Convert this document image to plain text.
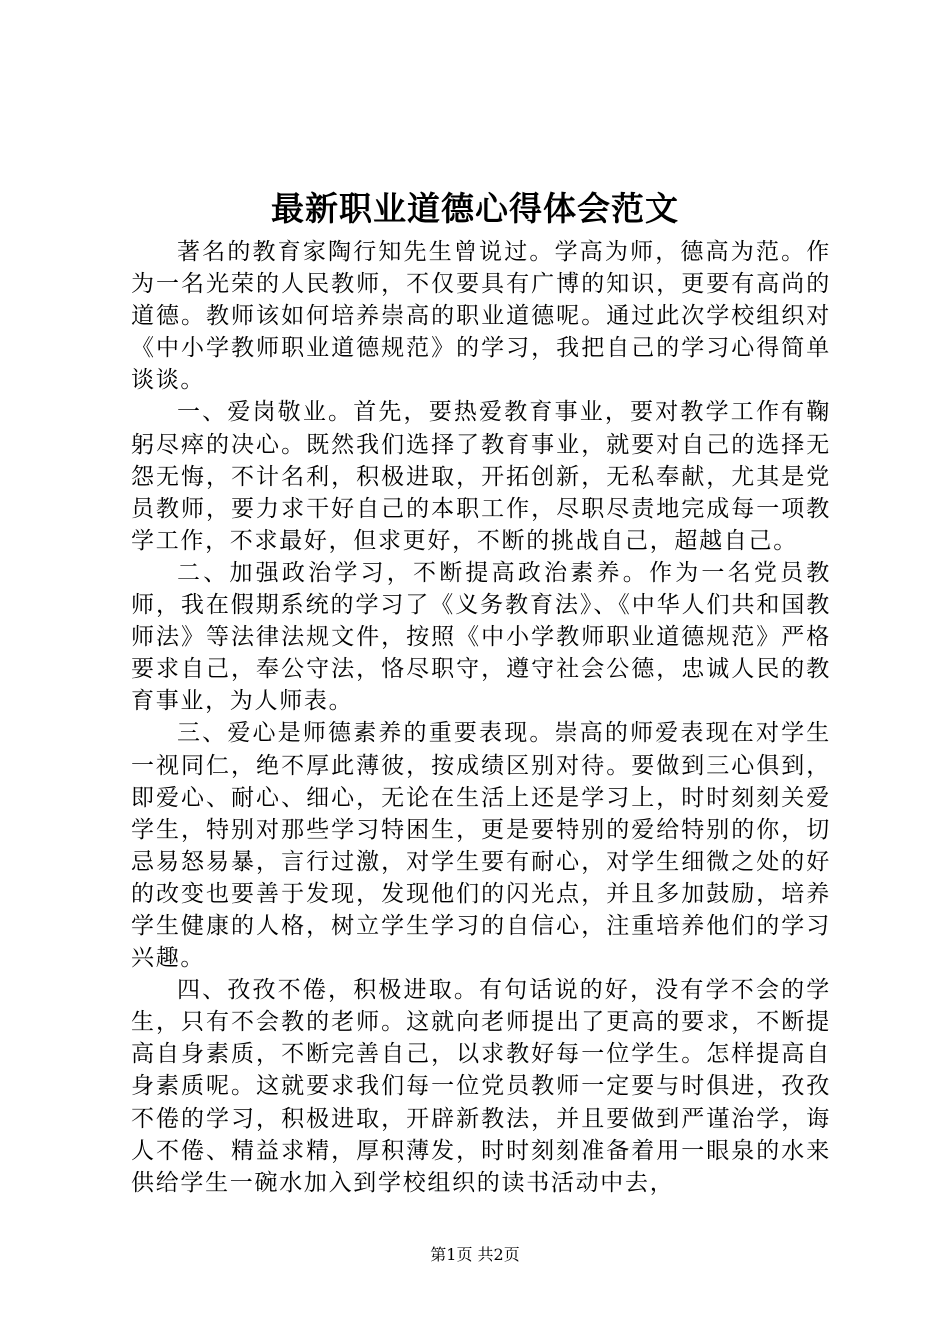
最新职业道德心得体会范文

著名的教育家陶行知先生曾说过。学高为师，德高为范。作为一名光荣的人民教师，不仅要具有广博的知识，更要有高尚的道德。教师该如何培养崇高的职业道德呢。通过此次学校组织对《中小学教师职业道德规范》的学习，我把自己的学习心得简单谈谈。

一、爱岗敬业。首先，要热爱教育事业，要对教学工作有鞠躬尽瘁的决心。既然我们选择了教育事业，就要对自己的选择无怨无悔，不计名利，积极进取，开拓创新，无私奉献，尤其是党员教师，要力求干好自己的本职工作，尽职尽责地完成每一项教学工作，不求最好，但求更好，不断的挑战自己，超越自己。

二、加强政治学习，不断提高政治素养。作为一名党员教师，我在假期系统的学习了《义务教育法》、《中华人们共和国教师法》等法律法规文件，按照《中小学教师职业道德规范》严格要求自己，奉公守法，恪尽职守，遵守社会公德，忠诚人民的教育事业，为人师表。

三、爱心是师德素养的重要表现。崇高的师爱表现在对学生一视同仁，绝不厚此薄彼，按成绩区别对待。要做到三心俱到，即爱心、耐心、细心，无论在生活上还是学习上，时时刻刻关爱学生，特别对那些学习特困生，更是要特别的爱给特别的你，切忌易怒易暴，言行过激，对学生要有耐心，对学生细微之处的好的改变也要善于发现，发现他们的闪光点，并且多加鼓励，培养学生健康的人格，树立学生学习的自信心，注重培养他们的学习兴趣。

四、孜孜不倦，积极进取。有句话说的好，没有学不会的学生，只有不会教的老师。这就向老师提出了更高的要求，不断提高自身素质，不断完善自己，以求教好每一位学生。怎样提高自身素质呢。这就要求我们每一位党员教师一定要与时俱进，孜孜不倦的学习，积极进取，开辟新教法，并且要做到严谨治学，诲人不倦、精益求精，厚积薄发，时时刻刻准备着用一眼泉的水来供给学生一碗水加入到学校组织的读书活动中去，

第1页 共2页
